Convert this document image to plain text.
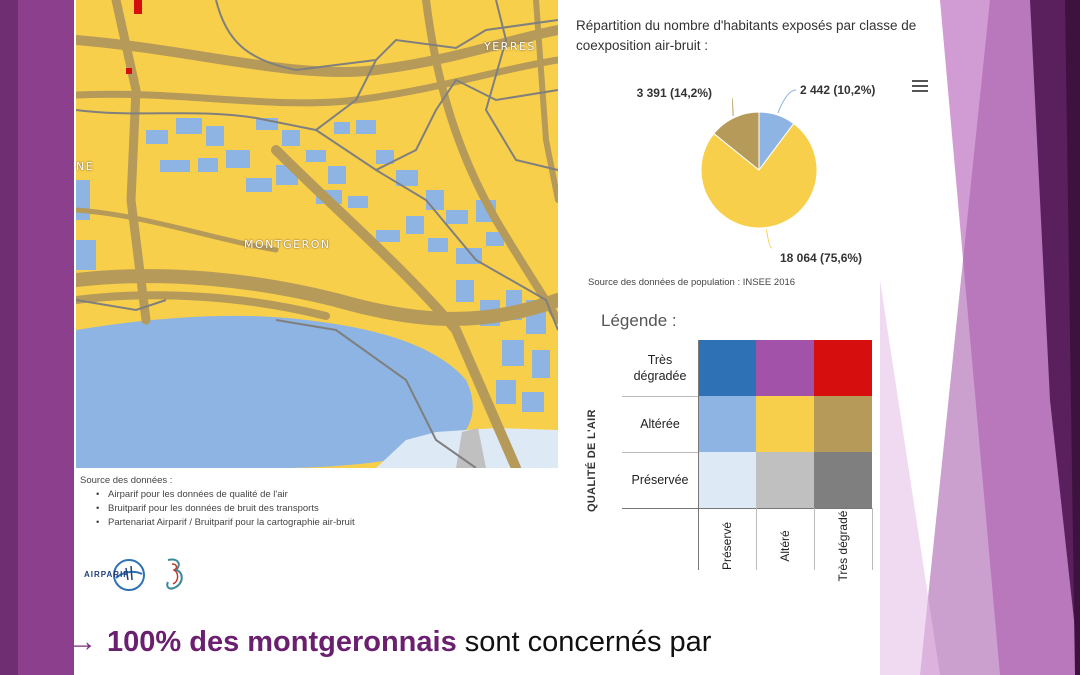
YERRES
MONTGERON
NE
Source des données :
• Airparif pour les données de qualité de l'air
• Bruitparif pour les données de bruit des transports
• Partenariat Airparif / Bruitparif pour la cartographie air-bruit
AIRPARIF
Répartition du nombre d'habitants exposés par classe de coexposition air-bruit :
2 442 (10,2%)
18 064 (75,6%)
3 391 (14,2%)
Source des données de population : INSEE 2016
Légende :
QUALITÉ DE L'AIR
Très dégradée
Altérée
Préservée
Préservé	Altéré	Très dégradé
→ 100% des montgeronnais sont concernés par
